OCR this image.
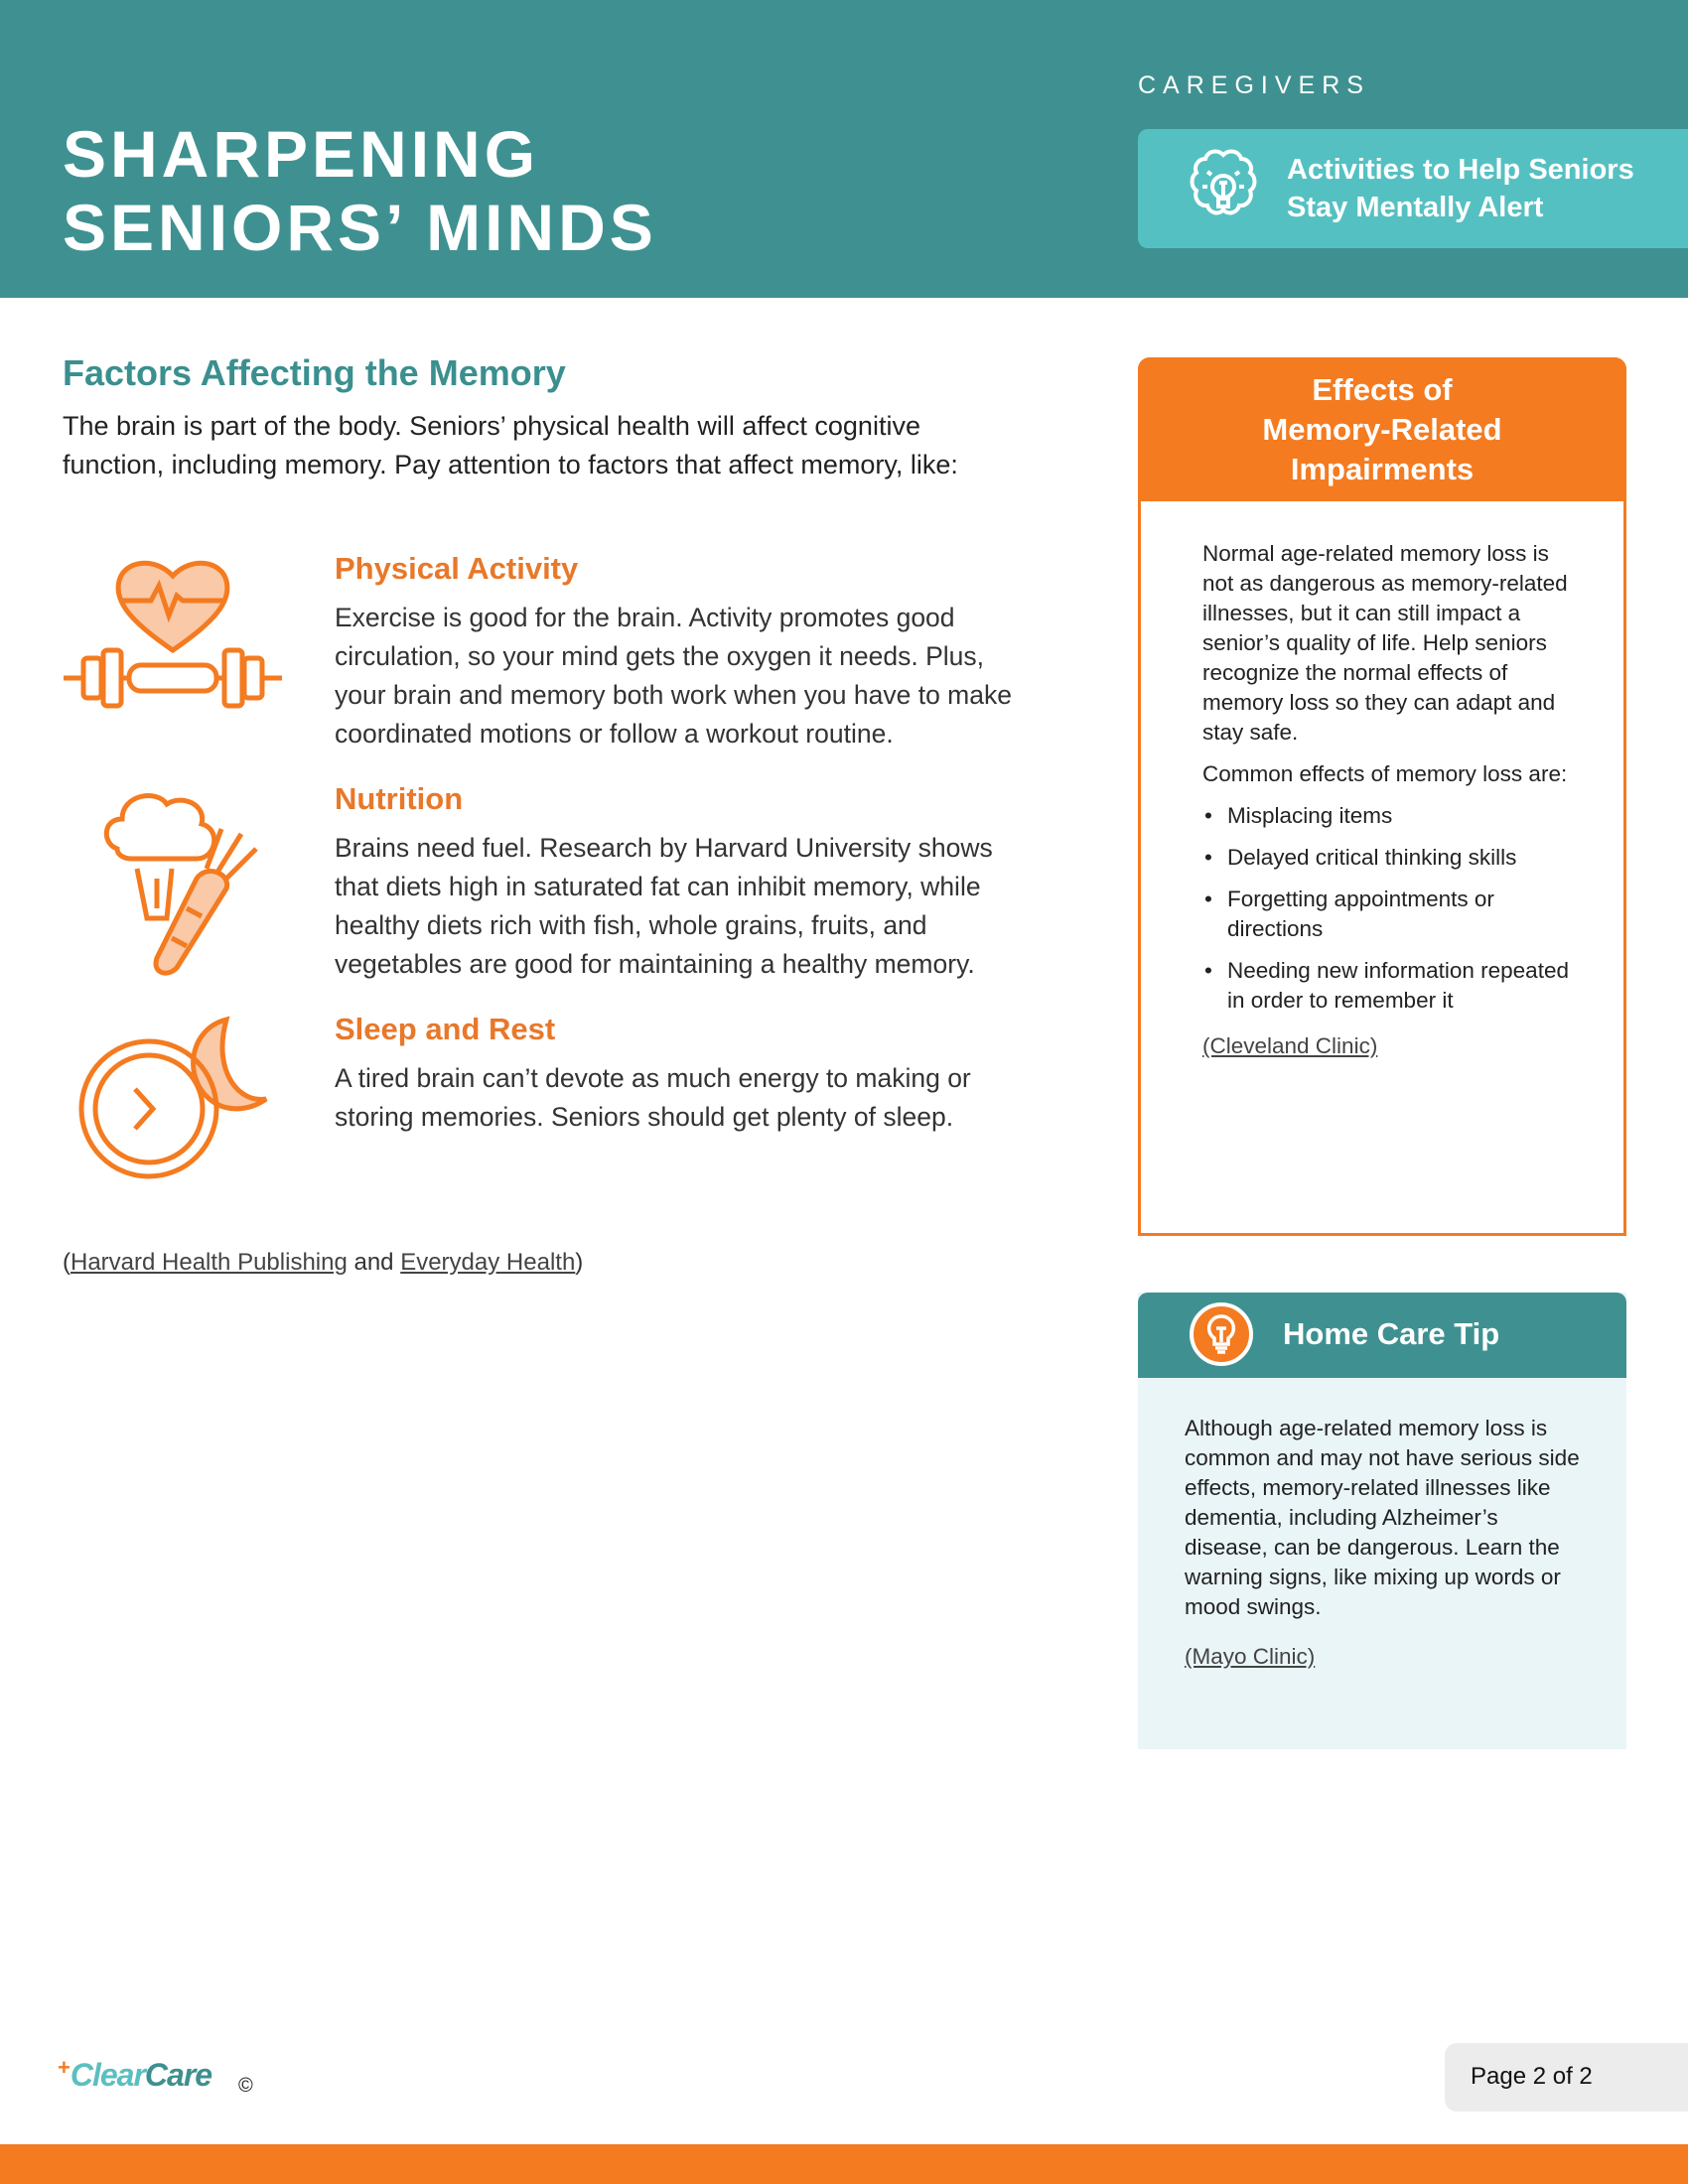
SHARPENING
SENIORS’ MINDS
CAREGIVERS
Activities to Help Seniors
Stay Mentally Alert
Factors Affecting the Memory
The brain is part of the body. Seniors’ physical health will affect cognitive function, including memory. Pay attention to factors that affect memory, like:
Physical Activity
Exercise is good for the brain. Activity promotes good circulation, so your mind gets the oxygen it needs. Plus, your brain and memory both work when you have to make coordinated motions or follow a workout routine.
Nutrition
Brains need fuel. Research by Harvard University shows that diets high in saturated fat can inhibit memory, while healthy diets rich with fish, whole grains, fruits, and vegetables are good for maintaining a healthy memory.
Sleep and Rest
A tired brain can’t devote as much energy to making or storing memories. Seniors should get plenty of sleep.
(Harvard Health Publishing and Everyday Health)
Effects of
Memory-Related
Impairments

Normal age-related memory loss is not as dangerous as memory-related illnesses, but it can still impact a senior’s quality of life. Help seniors recognize the normal effects of memory loss so they can adapt and stay safe.

Common effects of memory loss are:

• Misplacing items
• Delayed critical thinking skills
• Forgetting appointments or directions
• Needing new information repeated in order to remember it
(Cleveland Clinic)
Home Care Tip

Although age-related memory loss is common and may not have serious side effects, memory-related illnesses like dementia, including Alzheimer’s disease, can be dangerous. Learn the warning signs, like mixing up words or mood swings.

(Mayo Clinic)
+ClearCare ©	Page 2 of 2
